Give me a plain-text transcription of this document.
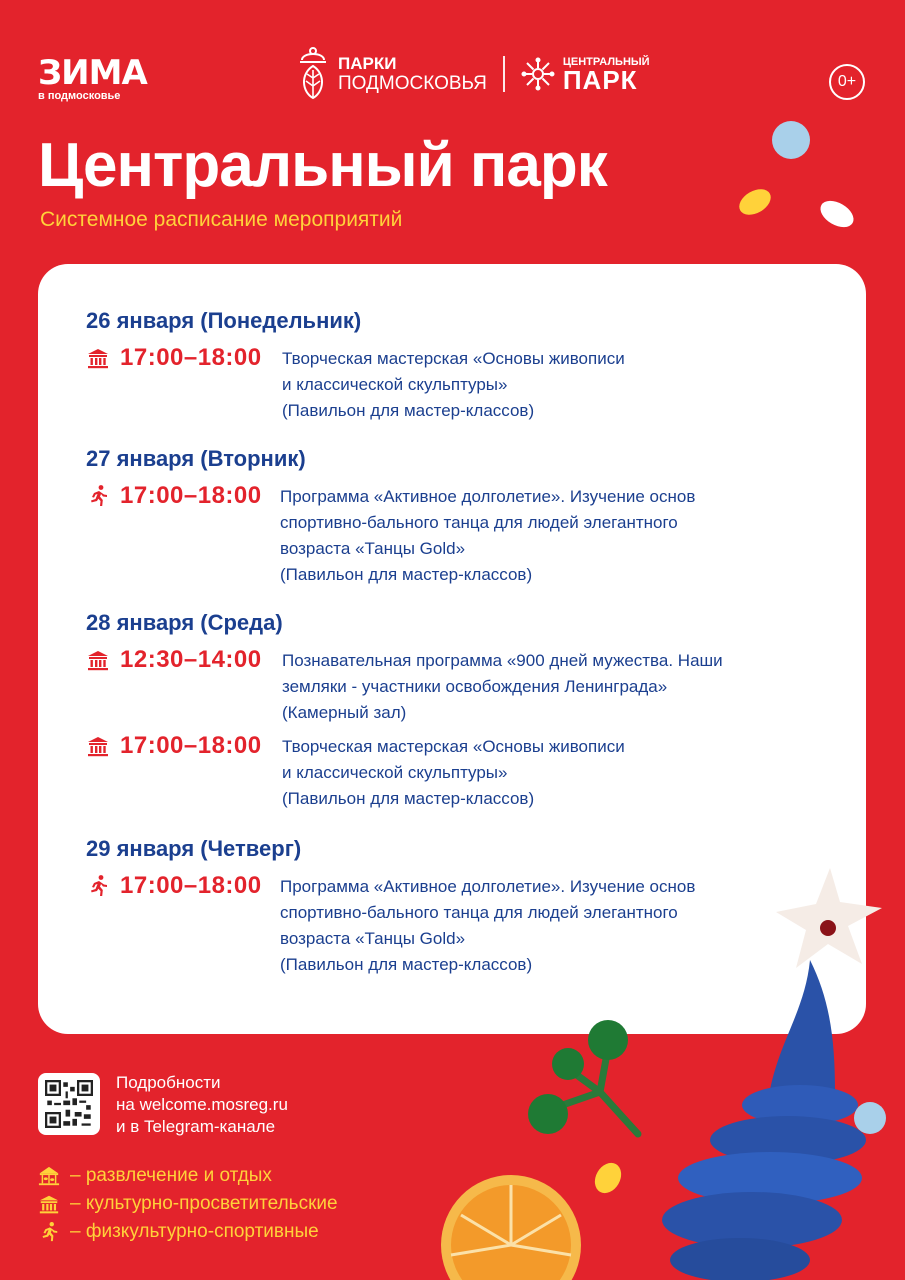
ЗИМА
в подмосковье
ПАРКИ
ПОДМОСКОВЬЯ
ЦЕНТРАЛЬНЫЙ
ПАРК	0+
Центральный парк
Системное расписание мероприятий
26 января (Понедельник)
17:00–18:00	Творческая мастерская «Основы живописи
и классической скульптуры»
(Павильон для мастер-классов)
27 января (Вторник)
17:00–18:00	Программа «Активное долголетие». Изучение основ
спортивно-бального танца для людей элегантного
возраста «Танцы Gold»
(Павильон для мастер-классов)
28 января (Среда)
12:30–14:00	Познавательная программа «900 дней мужества. Наши
земляки - участники освобождения Ленинграда»
(Камерный зал)
17:00–18:00	Творческая мастерская «Основы живописи
и классической скульптуры»
(Павильон для мастер-классов)
29 января (Четверг)
17:00–18:00	Программа «Активное долголетие». Изучение основ
спортивно-бального танца для людей элегантного
возраста «Танцы Gold»
(Павильон для мастер-классов)
Подробности
на welcome.mosreg.ru
и в Telegram-канале
– развлечение и отдых
– культурно-просветительские
– физкультурно-спортивные
